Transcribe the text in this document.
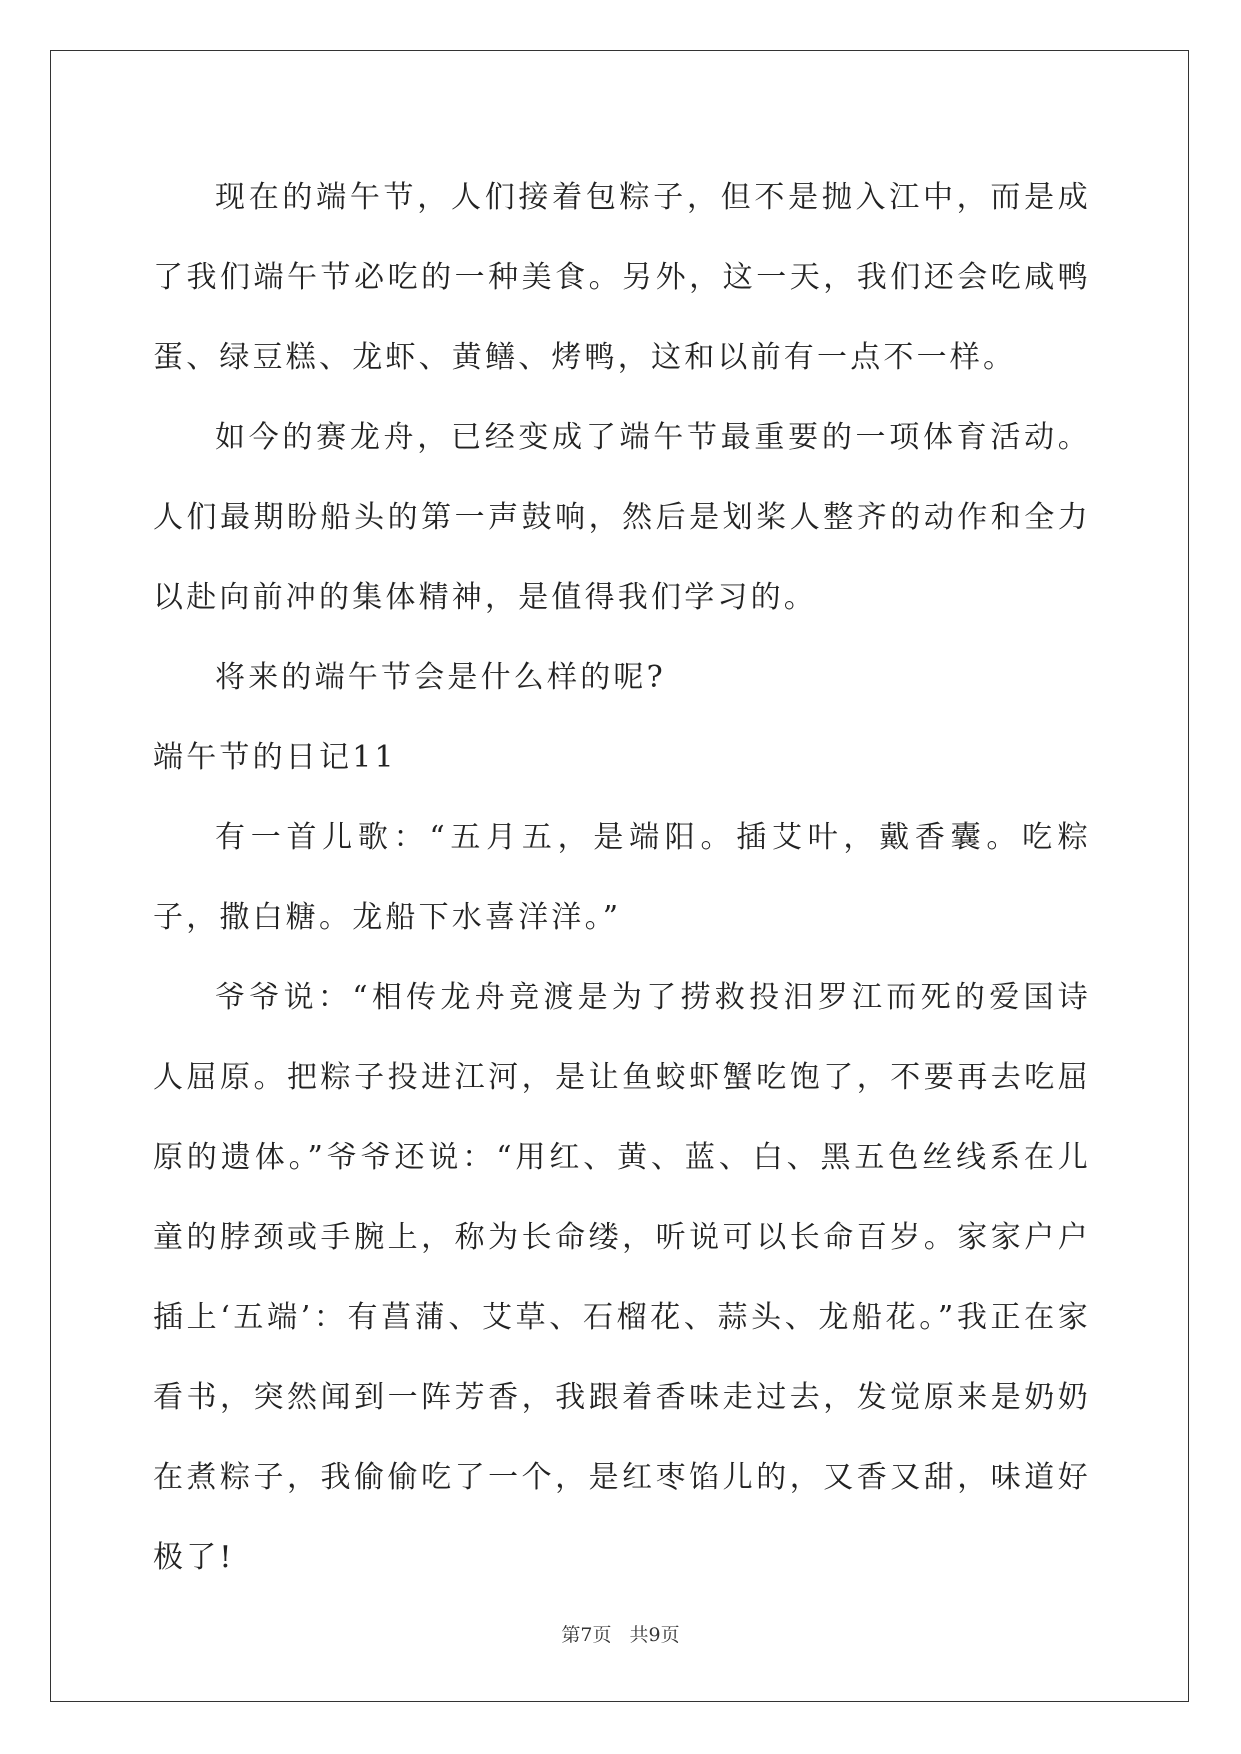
现在的端午节，人们接着包粽子，但不是抛入江中，而是成了我们端午节必吃的一种美食。另外，这一天，我们还会吃咸鸭蛋、绿豆糕、龙虾、黄鳝、烤鸭，这和以前有一点不一样。

如今的赛龙舟，已经变成了端午节最重要的一项体育活动。人们最期盼船头的第一声鼓响，然后是划桨人整齐的动作和全力以赴向前冲的集体精神，是值得我们学习的。

将来的端午节会是什么样的呢?

端午节的日记11

有一首儿歌：“五月五，是端阳。插艾叶，戴香囊。吃粽子，撒白糖。龙船下水喜洋洋。”

爷爷说：“相传龙舟竞渡是为了捞救投汨罗江而死的爱国诗人屈原。把粽子投进江河，是让鱼蛟虾蟹吃饱了，不要再去吃屈原的遗体。”爷爷还说：“用红、黄、蓝、白、黑五色丝线系在儿童的脖颈或手腕上，称为长命缕，听说可以长命百岁。家家户户插上‘五端’：有菖蒲、艾草、石榴花、蒜头、龙船花。”我正在家看书，突然闻到一阵芳香，我跟着香味走过去，发觉原来是奶奶在煮粽子，我偷偷吃了一个，是红枣馅儿的，又香又甜，味道好极了!

第7页 共9页
